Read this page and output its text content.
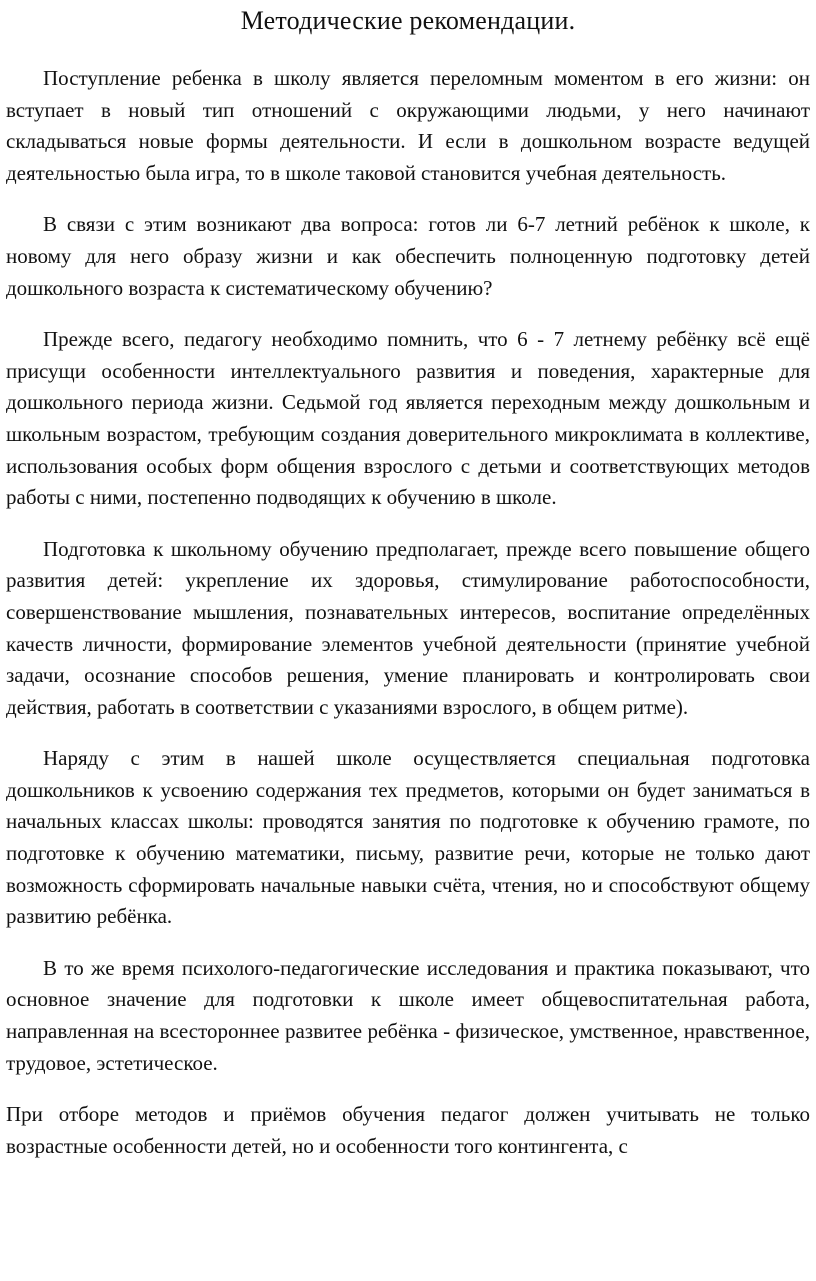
Методические рекомендации.

Поступление ребенка в школу является переломным моментом в его жизни: он вступает в новый тип отношений с окружающими людьми, у него начинают складываться новые формы деятельности. И если в дошкольном возрасте ведущей деятельностью была игра, то в школе таковой становится учебная деятельность.

В связи с этим возникают два вопроса: готов ли 6-7 летний ребёнок к школе, к новому для него образу жизни и как обеспечить полноценную подготовку детей дошкольного возраста к систематическому обучению?

Прежде всего, педагогу необходимо помнить, что 6 - 7 летнему ребёнку всё ещё присущи особенности интеллектуального развития и поведения, характерные для дошкольного периода жизни. Седьмой год является переходным между дошкольным и школьным возрастом, требующим создания доверительного микроклимата в коллективе, использования особых форм общения взрослого с детьми и соответствующих методов работы с ними, постепенно подводящих к обучению в школе.

Подготовка к школьному обучению предполагает, прежде всего повышение общего развития детей: укрепление их здоровья, стимулирование работоспособности, совершенствование мышления, познавательных интересов, воспитание определённых качеств личности, формирование элементов учебной деятельности (принятие учебной задачи, осознание способов решения, умение планировать и контролировать свои действия, работать в соответствии с указаниями взрослого, в общем ритме).

Наряду с этим в нашей школе осуществляется специальная подготовка дошкольников к усвоению содержания тех предметов, которыми он будет заниматься в начальных классах школы: проводятся занятия по подготовке к обучению грамоте, по подготовке к обучению математики, письму, развитие речи, которые не только дают возможность сформировать начальные навыки счёта, чтения, но и способствуют общему развитию ребёнка.

В то же время психолого-педагогические исследования и практика показывают, что основное значение для подготовки к школе имеет общевоспитательная работа, направленная на всестороннее развитее ребёнка - физическое, умственное, нравственное, трудовое, эстетическое.

При отборе методов и приёмов обучения педагог должен учитывать не только возрастные особенности детей, но и особенности того контингента, с
